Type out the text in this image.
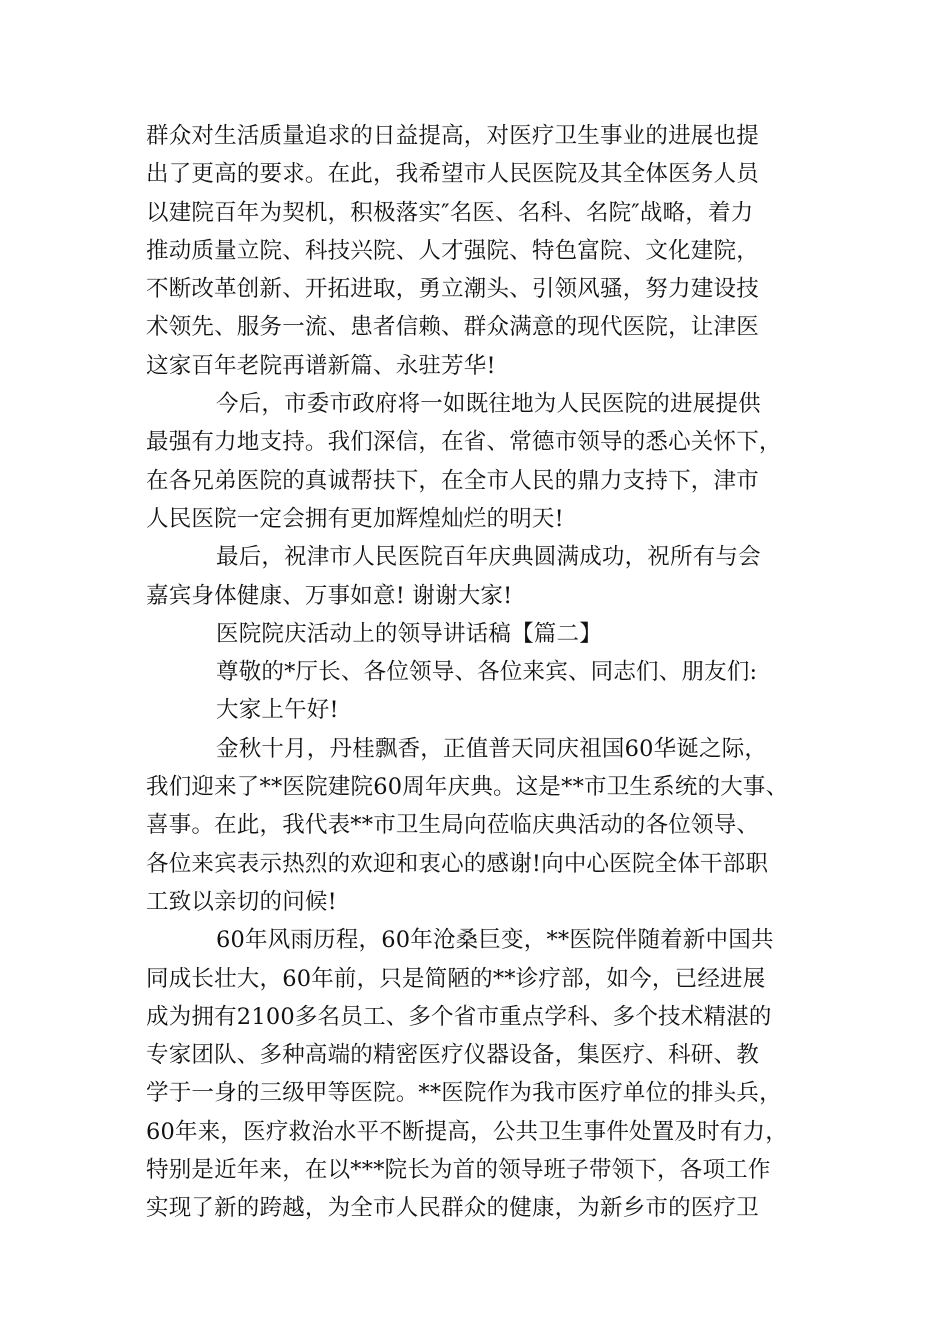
群众对生活质量追求的日益提高，对医疗卫生事业的进展也提
出了更高的要求。在此，我希望市人民医院及其全体医务人员
以建院百年为契机，积极落实″名医、名科、名院″战略，着力
推动质量立院、科技兴院、人才强院、特色富院、文化建院，
不断改革创新、开拓进取，勇立潮头、引领风骚，努力建设技
术领先、服务一流、患者信赖、群众满意的现代医院，让津医
这家百年老院再谱新篇、永驻芳华!
今后，市委市政府将一如既往地为人民医院的进展提供
最强有力地支持。我们深信，在省、常德市领导的悉心关怀下，
在各兄弟医院的真诚帮扶下，在全市人民的鼎力支持下，津市
人民医院一定会拥有更加辉煌灿烂的明天!
最后，祝津市人民医院百年庆典圆满成功，祝所有与会
嘉宾身体健康、万事如意! 谢谢大家!
医院院庆活动上的领导讲话稿【篇二】
尊敬的*厅长、各位领导、各位来宾、同志们、朋友们:
大家上午好!
金秋十月，丹桂飘香，正值普天同庆祖国60华诞之际，
我们迎来了**医院建院60周年庆典。这是**市卫生系统的大事、
喜事。在此，我代表**市卫生局向莅临庆典活动的各位领导、
各位来宾表示热烈的欢迎和衷心的感谢!向中心医院全体干部职
工致以亲切的问候!
60年风雨历程，60年沧桑巨变，**医院伴随着新中国共
同成长壮大，60年前，只是简陋的**诊疗部，如今，已经进展
成为拥有2100多名员工、多个省市重点学科、多个技术精湛的
专家团队、多种高端的精密医疗仪器设备，集医疗、科研、教
学于一身的三级甲等医院。**医院作为我市医疗单位的排头兵，
60年来，医疗救治水平不断提高，公共卫生事件处置及时有力，
特别是近年来，在以***院长为首的领导班子带领下，各项工作
实现了新的跨越，为全市人民群众的健康，为新乡市的医疗卫
